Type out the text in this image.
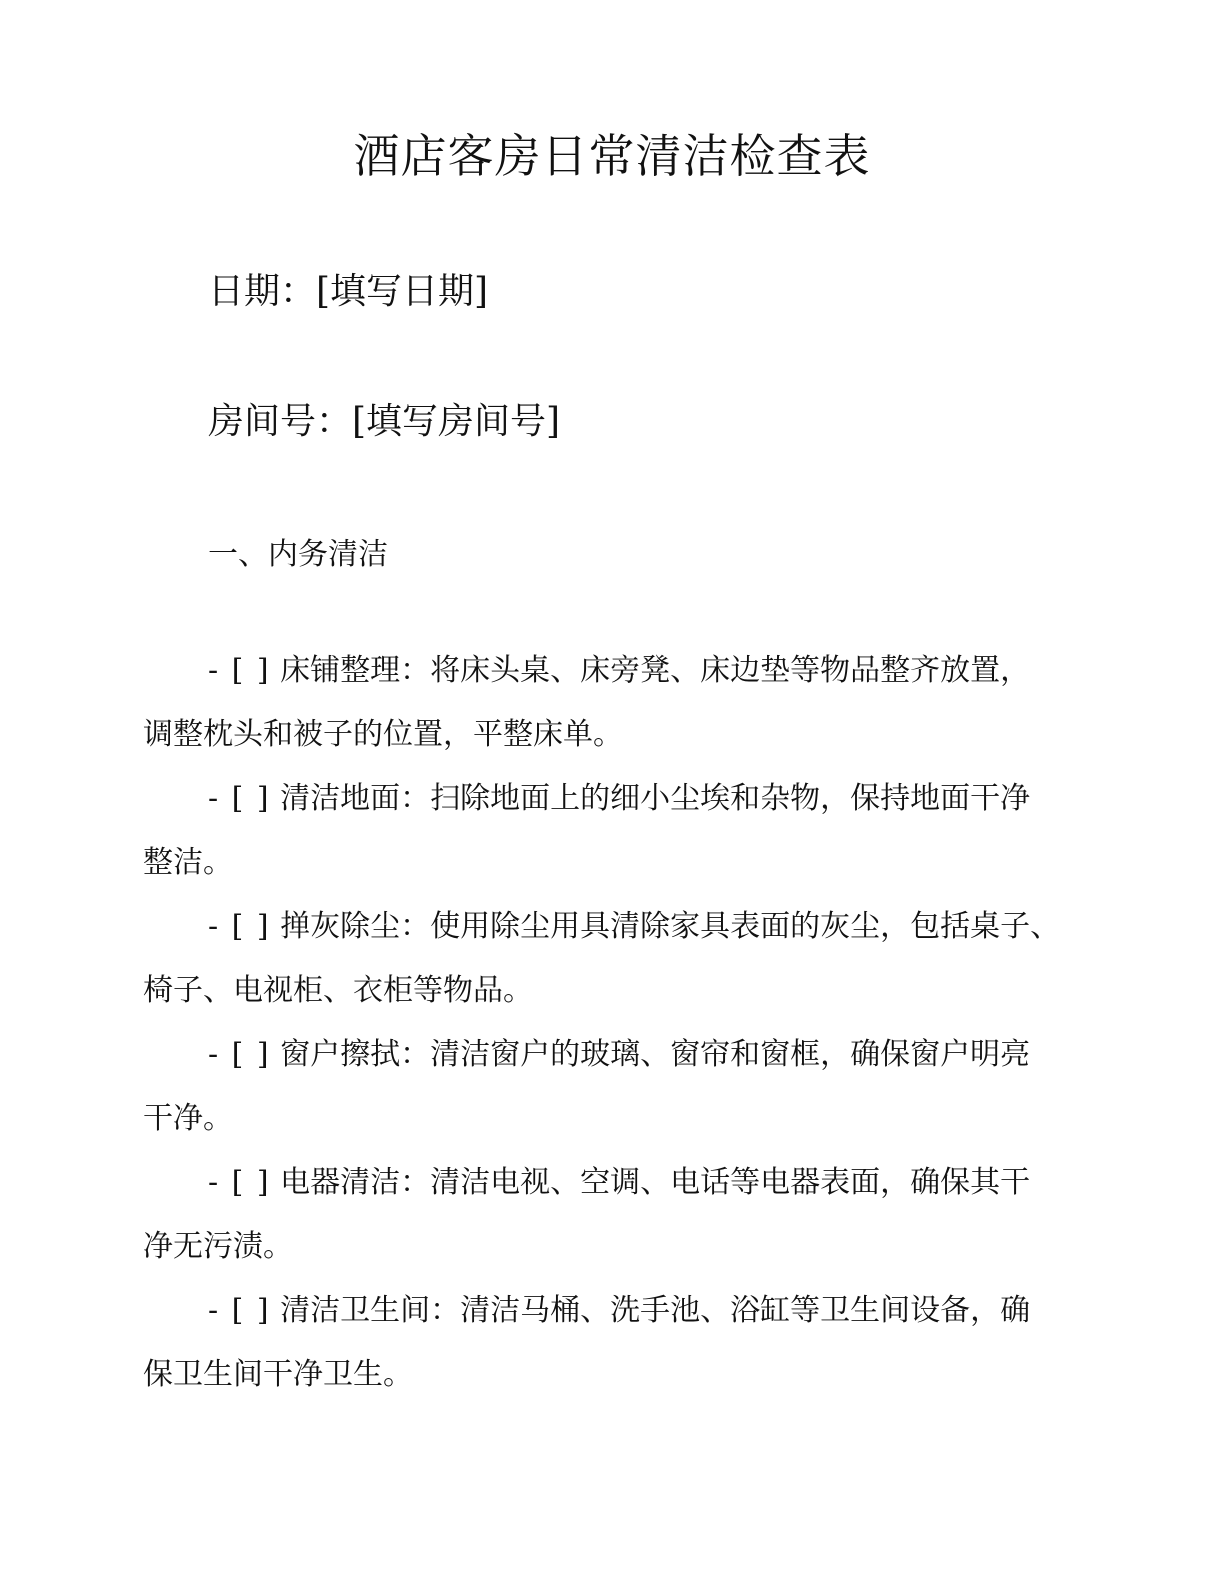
酒店客房日常清洁检查表
日期：[填写日期]
房间号：[填写房间号]
一、内务清洁
- [ ] 床铺整理：将床头桌、床旁凳、床边垫等物品整齐放置，
调整枕头和被子的位置，平整床单。
- [ ] 清洁地面：扫除地面上的细小尘埃和杂物，保持地面干净
整洁。
- [ ] 掸灰除尘：使用除尘用具清除家具表面的灰尘，包括桌子、
椅子、电视柜、衣柜等物品。
- [ ] 窗户擦拭：清洁窗户的玻璃、窗帘和窗框，确保窗户明亮
干净。
- [ ] 电器清洁：清洁电视、空调、电话等电器表面，确保其干
净无污渍。
- [ ] 清洁卫生间：清洁马桶、洗手池、浴缸等卫生间设备，确
保卫生间干净卫生。
